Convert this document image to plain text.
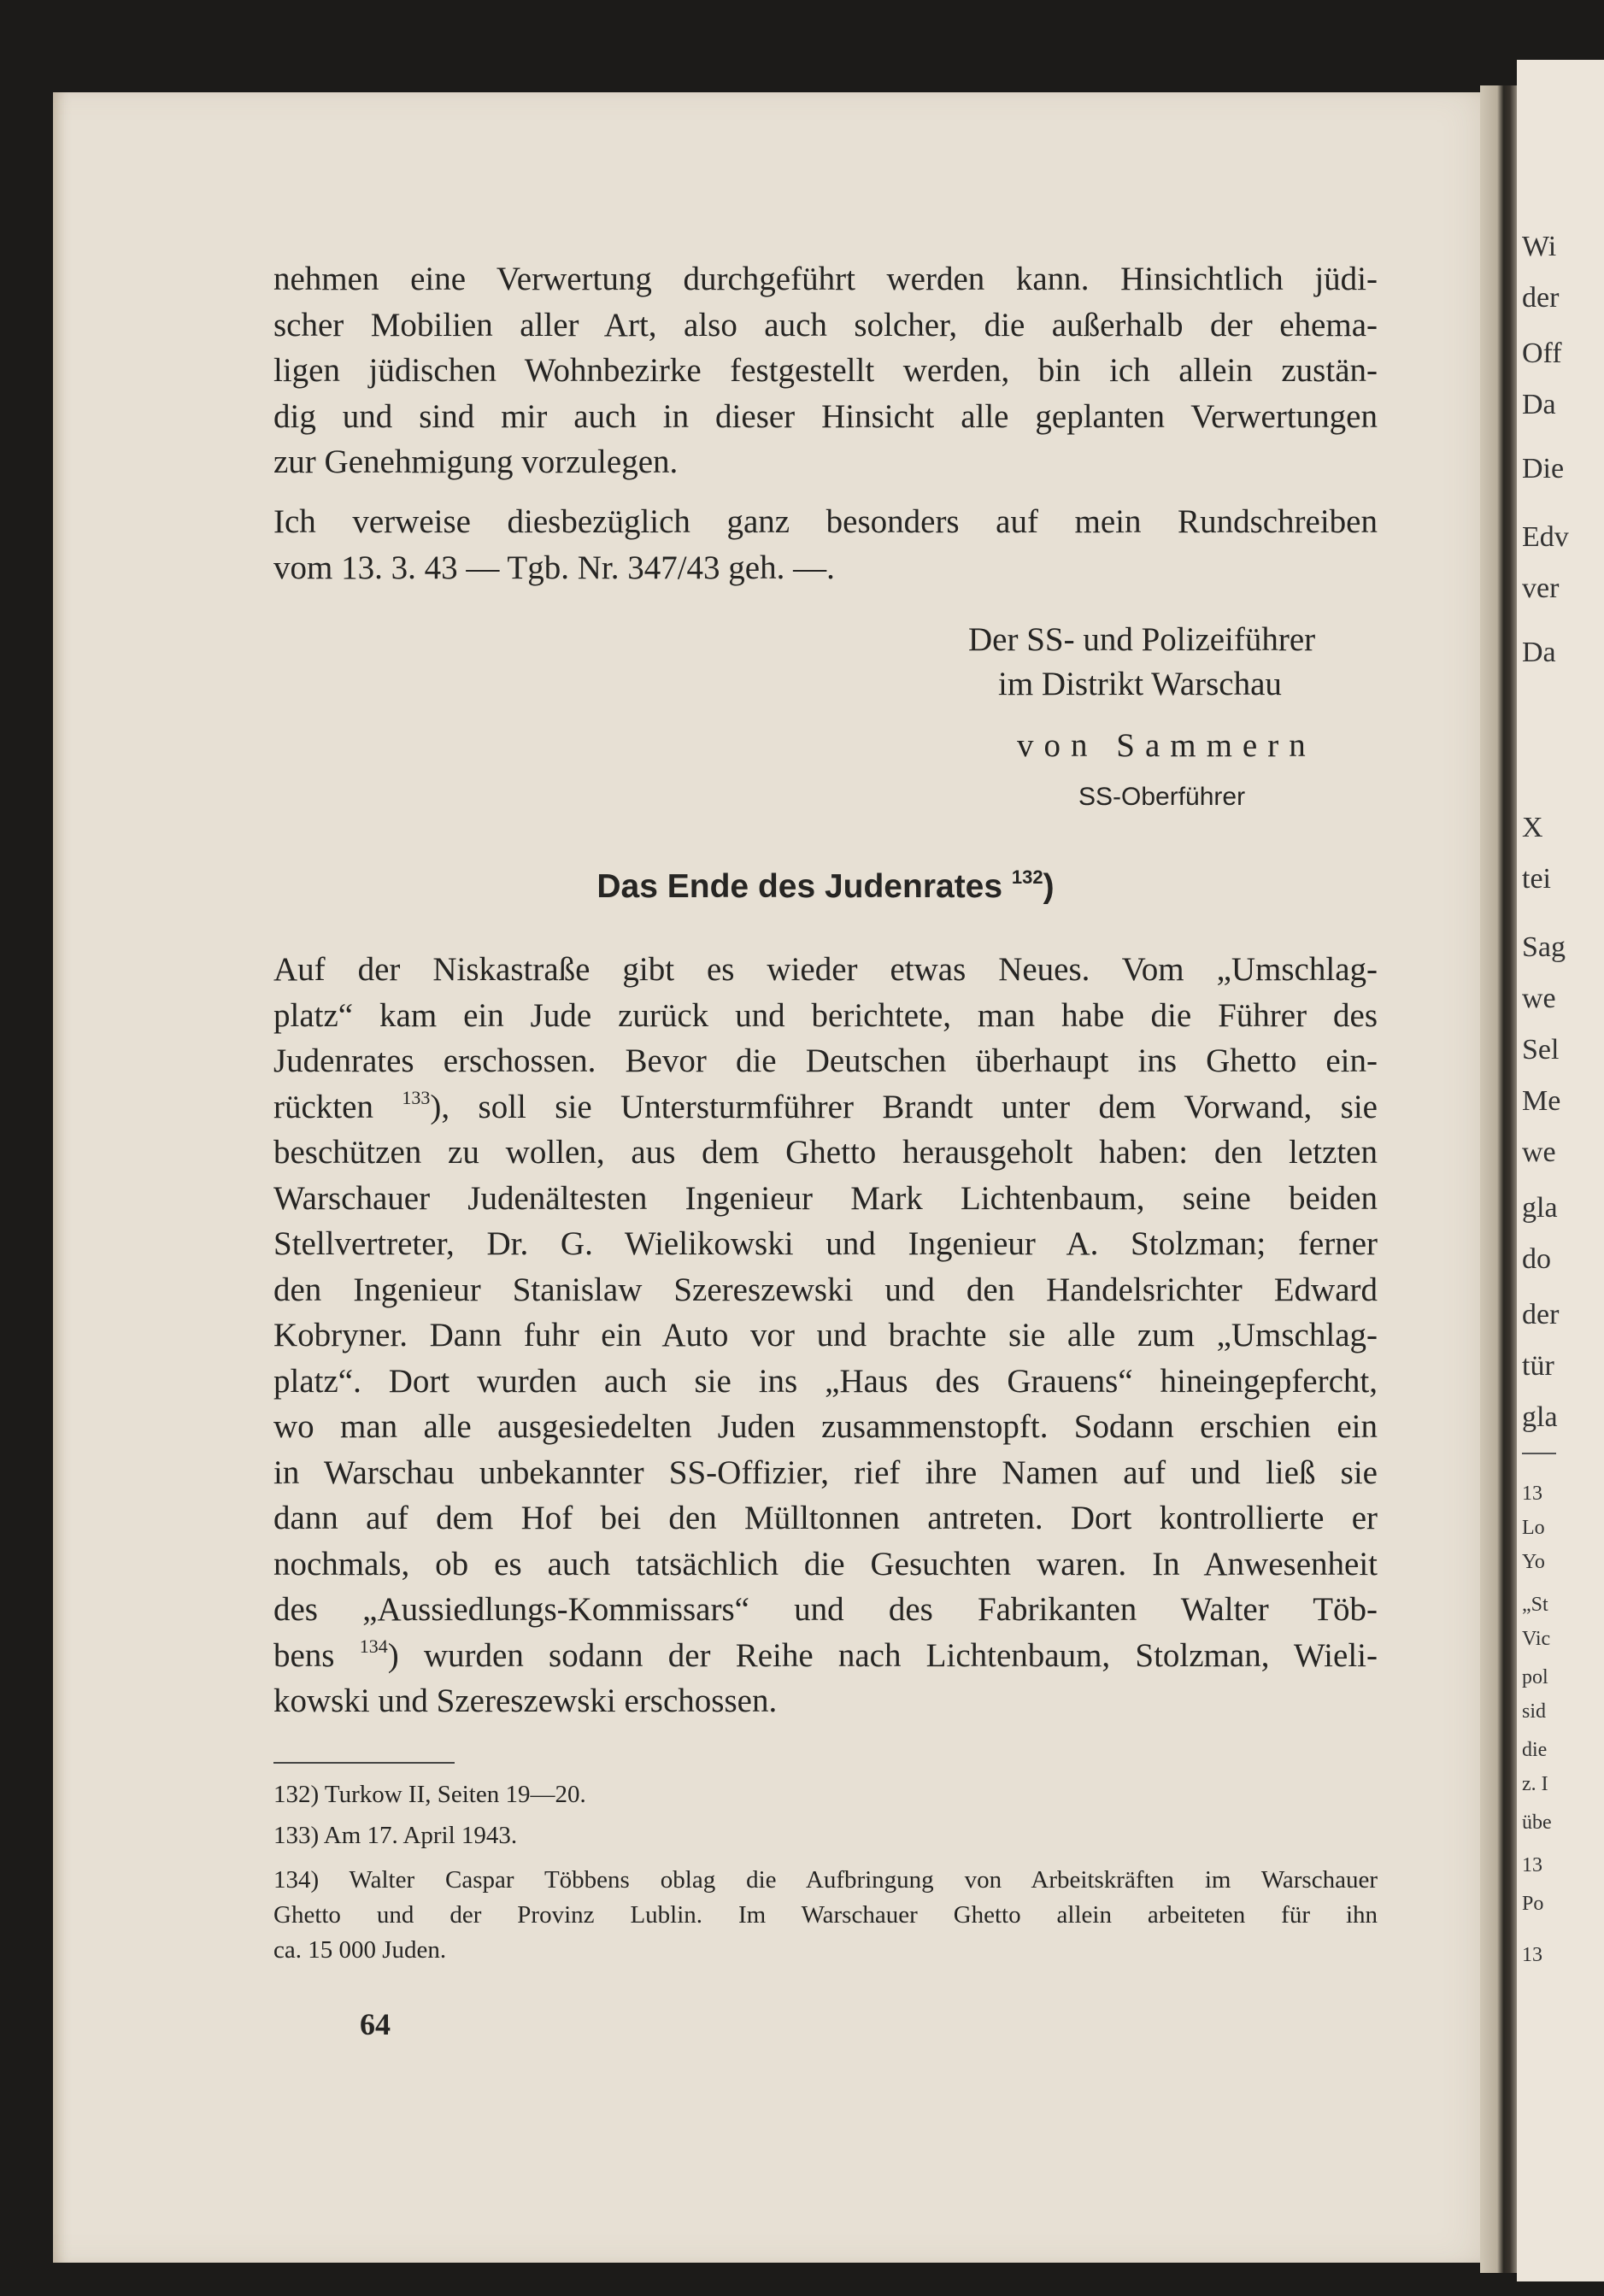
Wi
der
Off
Da
Die
Edv
ver
Da
X
tei
Sag
we
Sel
Me
we
gla
do
der
tür
gla
13
Lo
Yo
„St
Vic
pol
sid
die
z. I
übe
13
Po
13

nehmen eine Verwertung durchgeführt werden kann. Hinsichtlich jüdi-
scher Mobilien aller Art, also auch solcher, die außerhalb der ehema-
ligen jüdischen Wohnbezirke festgestellt werden, bin ich allein zustän-
dig und sind mir auch in dieser Hinsicht alle geplanten Verwertungen
zur Genehmigung vorzulegen.

Ich verweise diesbezüglich ganz besonders auf mein Rundschreiben
vom 13. 3. 43 — Tgb. Nr. 347/43 geh. —.

Der SS- und Polizeiführer
im Distrikt Warschau
von Sammern
SS-Oberführer
Das Ende des Judenrates $^{132}$)

Auf der Niskastraße gibt es wieder etwas Neues. Vom „Umschlag-
platz“ kam ein Jude zurück und berichtete, man habe die Führer des
Judenrates erschossen. Bevor die Deutschen überhaupt ins Ghetto ein-
rückten $^{133}$), soll sie Untersturmführer Brandt unter dem Vorwand, sie
beschützen zu wollen, aus dem Ghetto herausgeholt haben: den letzten
Warschauer Judenältesten Ingenieur Mark Lichtenbaum, seine beiden
Stellvertreter, Dr. G. Wielikowski und Ingenieur A. Stolzman; ferner
den Ingenieur Stanislaw Szereszewski und den Handelsrichter Edward
Kobryner. Dann fuhr ein Auto vor und brachte sie alle zum „Umschlag-
platz“. Dort wurden auch sie ins „Haus des Grauens“ hineingepfercht,
wo man alle ausgesiedelten Juden zusammenstopft. Sodann erschien ein
in Warschau unbekannter SS-Offizier, rief ihre Namen auf und ließ sie
dann auf dem Hof bei den Mülltonnen antreten. Dort kontrollierte er
nochmals, ob es auch tatsächlich die Gesuchten waren. In Anwesenheit
des „Aussiedlungs-Kommissars“ und des Fabrikanten Walter Töb-
bens $^{134}$) wurden sodann der Reihe nach Lichtenbaum, Stolzman, Wieli-
kowski und Szereszewski erschossen.

132) Turkow II, Seiten 19—20.
133) Am 17. April 1943.
134) Walter Caspar Többens oblag die Aufbringung von Arbeitskräften im Warschauer
Ghetto und der Provinz Lublin. Im Warschauer Ghetto allein arbeiteten für ihn
ca. 15 000 Juden.
64
